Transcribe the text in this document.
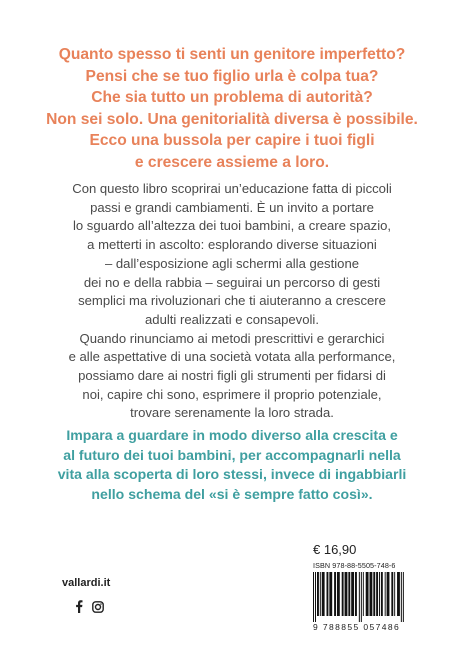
Quanto spesso ti senti un genitore imperfetto?
Pensi che se tuo figlio urla è colpa tua?
Che sia tutto un problema di autorità?
Non sei solo. Una genitorialità diversa è possibile.
Ecco una bussola per capire i tuoi figli
e crescere assieme a loro.
Con questo libro scoprirai un’educazione fatta di piccoli
passi e grandi cambiamenti. È un invito a portare
lo sguardo all’altezza dei tuoi bambini, a creare spazio,
a metterti in ascolto: esplorando diverse situazioni
– dall’esposizione agli schermi alla gestione
dei no e della rabbia – seguirai un percorso di gesti
semplici ma rivoluzionari che ti aiuteranno a crescere
adulti realizzati e consapevoli.
Quando rinunciamo ai metodi prescrittivi e gerarchici
e alle aspettative di una società votata alla performance,
possiamo dare ai nostri figli gli strumenti per fidarsi di
noi, capire chi sono, esprimere il proprio potenziale,
trovare serenamente la loro strada.
Impara a guardare in modo diverso alla crescita e
al futuro dei tuoi bambini, per accompagnarli nella
vita alla scoperta di loro stessi, invece di ingabbiarli
nello schema del «si è sempre fatto così».
€ 16,90
ISBN 978-88-5505-748-6
9 788855 057486
vallardi.it
